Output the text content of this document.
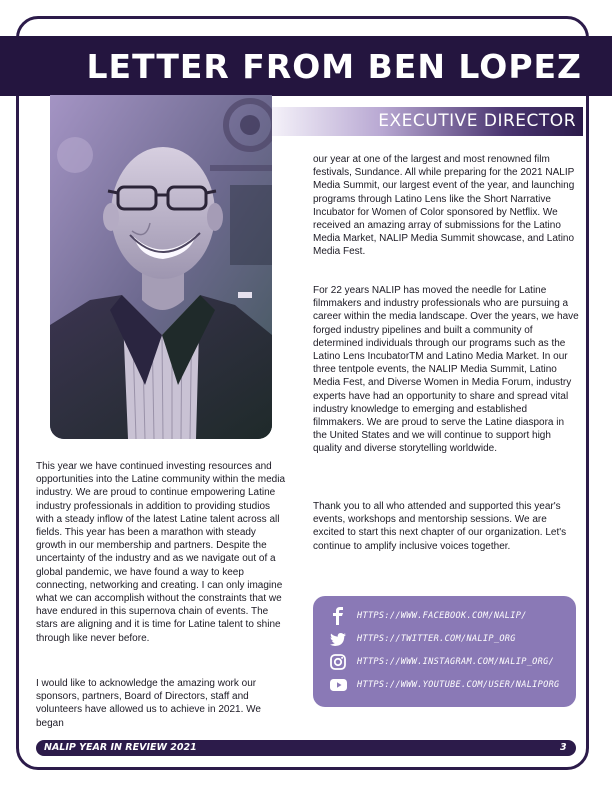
LETTER FROM BEN LOPEZ
EXECUTIVE DIRECTOR

This year we have continued investing resources and opportunities into the Latine community within the media industry. We are proud to continue empowering Latine industry professionals in addition to providing studios with a steady inflow of the latest Latine talent across all fields. This year has been a marathon with steady growth in our membership and partners. Despite the uncertainty of the industry and as we navigate out of a global pandemic, we have found a way to keep connecting, networking and creating. I can only imagine what we can accomplish without the constraints that we have endured in this supernova chain of events. The stars are aligning and it is time for Latine talent to shine through like never before.

I would like to acknowledge the amazing work our sponsors, partners, Board of Directors, staff and volunteers have allowed us to achieve in 2021. We began

our year at one of the largest and most renowned film festivals, Sundance. All while preparing for the 2021 NALIP Media Summit, our largest event of the year, and launching programs through Latino Lens like the Short Narrative Incubator for Women of Color sponsored by Netflix. We received an amazing array of submissions for the Latino Media Market, NALIP Media Summit showcase, and Latino Media Fest.

For 22 years NALIP has moved the needle for Latine filmmakers and industry professionals who are pursuing a career within the media landscape. Over the years, we have forged industry pipelines and built a community of determined individuals through our programs such as the Latino Lens IncubatorTM and Latino Media Market. In our three tentpole events, the NALIP Media Summit, Latino Media Fest, and Diverse Women in Media Forum, industry experts have had an opportunity to share and spread vital industry knowledge to emerging and established filmmakers. We are proud to serve the Latine diaspora in the United States and we will continue to support high quality and diverse storytelling worldwide.

Thank you to all who attended and supported this year's events, workshops and mentorship sessions. We are excited to start this next chapter of our organization. Let's continue to amplify inclusive voices together.

HTTPS://WWW.FACEBOOK.COM/NALIP/
HTTPS://TWITTER.COM/NALIP_ORG
HTTPS://WWW.INSTAGRAM.COM/NALIP_ORG/
HTTPS://WWW.YOUTUBE.COM/USER/NALIPORG
NALIP YEAR IN REVIEW 2021	3
